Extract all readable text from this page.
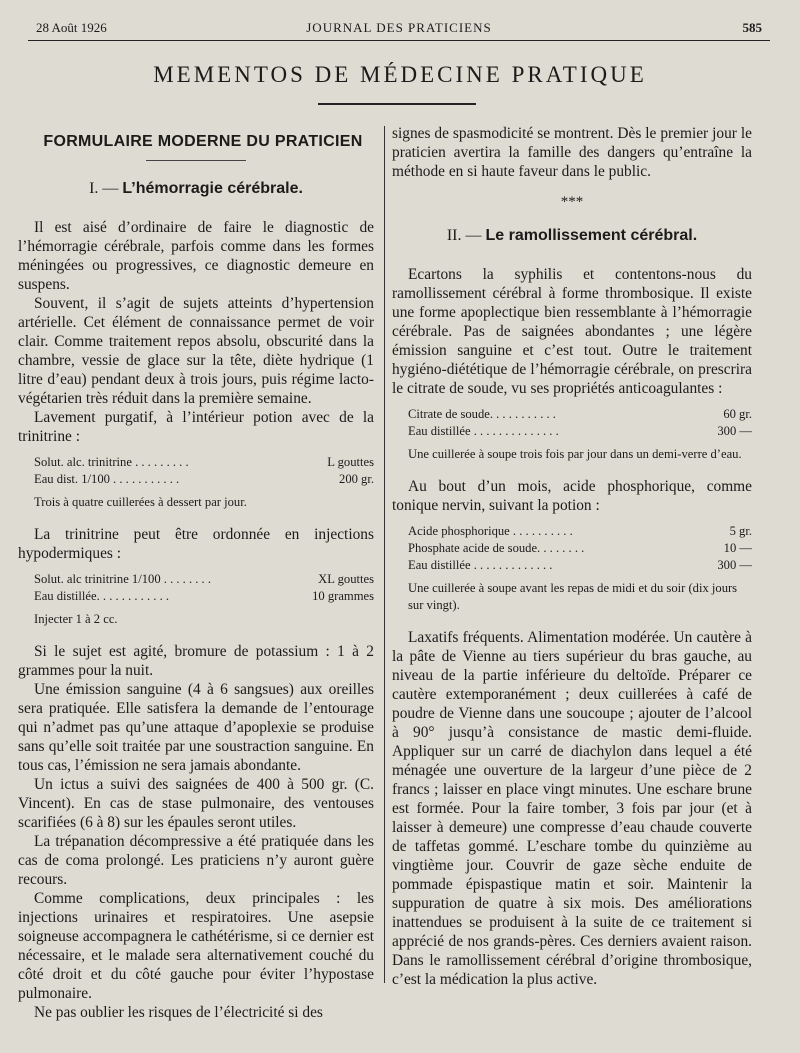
28 Août 1926	JOURNAL DES PRATICIENS	585
MEMENTOS DE MÉDECINE PRATIQUE
FORMULAIRE MODERNE DU PRATICIEN
I. — L’hémorragie cérébrale.

Il est aisé d’ordinaire de faire le diagnostic de l’hémorragie cérébrale, parfois comme dans les formes méningées ou progressives, ce diagnostic demeure en suspens.

Souvent, il s’agit de sujets atteints d’hypertension artérielle. Cet élément de connaissance permet de voir clair. Comme traitement repos absolu, obscurité dans la chambre, vessie de glace sur la tête, diète hydrique (1 litre d’eau) pendant deux à trois jours, puis régime lacto-végétarien très réduit dans la première semaine.

Lavement purgatif, à l’intérieur potion avec de la trinitrine :

Solut. alc. trinitrine . . . . . . . . .	L gouttes
Eau dist. 1/100 . . . . . . . . . . .	200 gr.
Trois à quatre cuillerées à dessert par jour.

La trinitrine peut être ordonnée en injections hypodermiques :

Solut. alc trinitrine 1/100 . . . . . . . .	XL gouttes
Eau distillée. . . . . . . . . . . .	10 grammes
Injecter 1 à 2 cc.

Si le sujet est agité, bromure de potassium : 1 à 2 grammes pour la nuit.

Une émission sanguine (4 à 6 sangsues) aux oreilles sera pratiquée. Elle satisfera la demande de l’entourage qui n’admet pas qu’une attaque d’apoplexie se produise sans qu’elle soit traitée par une soustraction sanguine. En tous cas, l’émission ne sera jamais abondante.

Un ictus a suivi des saignées de 400 à 500 gr. (C. Vincent). En cas de stase pulmonaire, des ventouses scarifiées (6 à 8) sur les épaules seront utiles.

La trépanation décompressive a été pratiquée dans les cas de coma prolongé. Les praticiens n’y auront guère recours.

Comme complications, deux principales : les injections urinaires et respiratoires. Une asepsie soigneuse accompagnera le cathétérisme, si ce dernier est nécessaire, et le malade sera alternativement couché du côté droit et du côté gauche pour éviter l’hypostase pulmonaire.

Ne pas oublier les risques de l’électricité si des

signes de spasmodicité se montrent. Dès le premier jour le praticien avertira la famille des dangers qu’entraîne la méthode en si haute faveur dans le public.

***
II. — Le ramollissement cérébral.

Ecartons la syphilis et contentons-nous du ramollissement cérébral à forme thrombosique. Il existe une forme apoplectique bien ressemblante à l’hémorragie cérébrale. Pas de saignées abondantes ; une légère émission sanguine et c’est tout. Outre le traitement hygiéno-diététique de l’hémorragie cérébrale, on prescrira le citrate de soude, vu ses propriétés anticoagulantes :

Citrate de soude. . . . . . . . . . .	60 gr.
Eau distillée . . . . . . . . . . . . . .	300 —
Une cuillerée à soupe trois fois par jour dans un demi-verre d’eau.

Au bout d’un mois, acide phosphorique, comme tonique nervin, suivant la potion :

Acide phosphorique . . . . . . . . . .	5 gr.
Phosphate acide de soude. . . . . . . .	10 —
Eau distillée . . . . . . . . . . . . .	300 —
Une cuillerée à soupe avant les repas de midi et du soir (dix jours sur vingt).

Laxatifs fréquents. Alimentation modérée. Un cautère à la pâte de Vienne au tiers supérieur du bras gauche, au niveau de la partie inférieure du deltoïde. Préparer ce cautère extemporanément ; deux cuillerées à café de poudre de Vienne dans une soucoupe ; ajouter de l’alcool à 90° jusqu’à consistance de mastic demi-fluide. Appliquer sur un carré de diachylon dans lequel a été ménagée une ouverture de la largeur d’une pièce de 2 francs ; laisser en place vingt minutes. Une eschare brune est formée. Pour la faire tomber, 3 fois par jour (et à laisser à demeure) une compresse d’eau chaude couverte de taffetas gommé. L’eschare tombe du quinzième au vingtième jour. Couvrir de gaze sèche enduite de pommade épispastique matin et soir. Maintenir la suppuration de quatre à six mois. Des améliorations inattendues se produisent à la suite de ce traitement si apprécié de nos grands-pères. Ces derniers avaient raison. Dans le ramollissement cérébral d’origine thrombosique, c’est la médication la plus active.
